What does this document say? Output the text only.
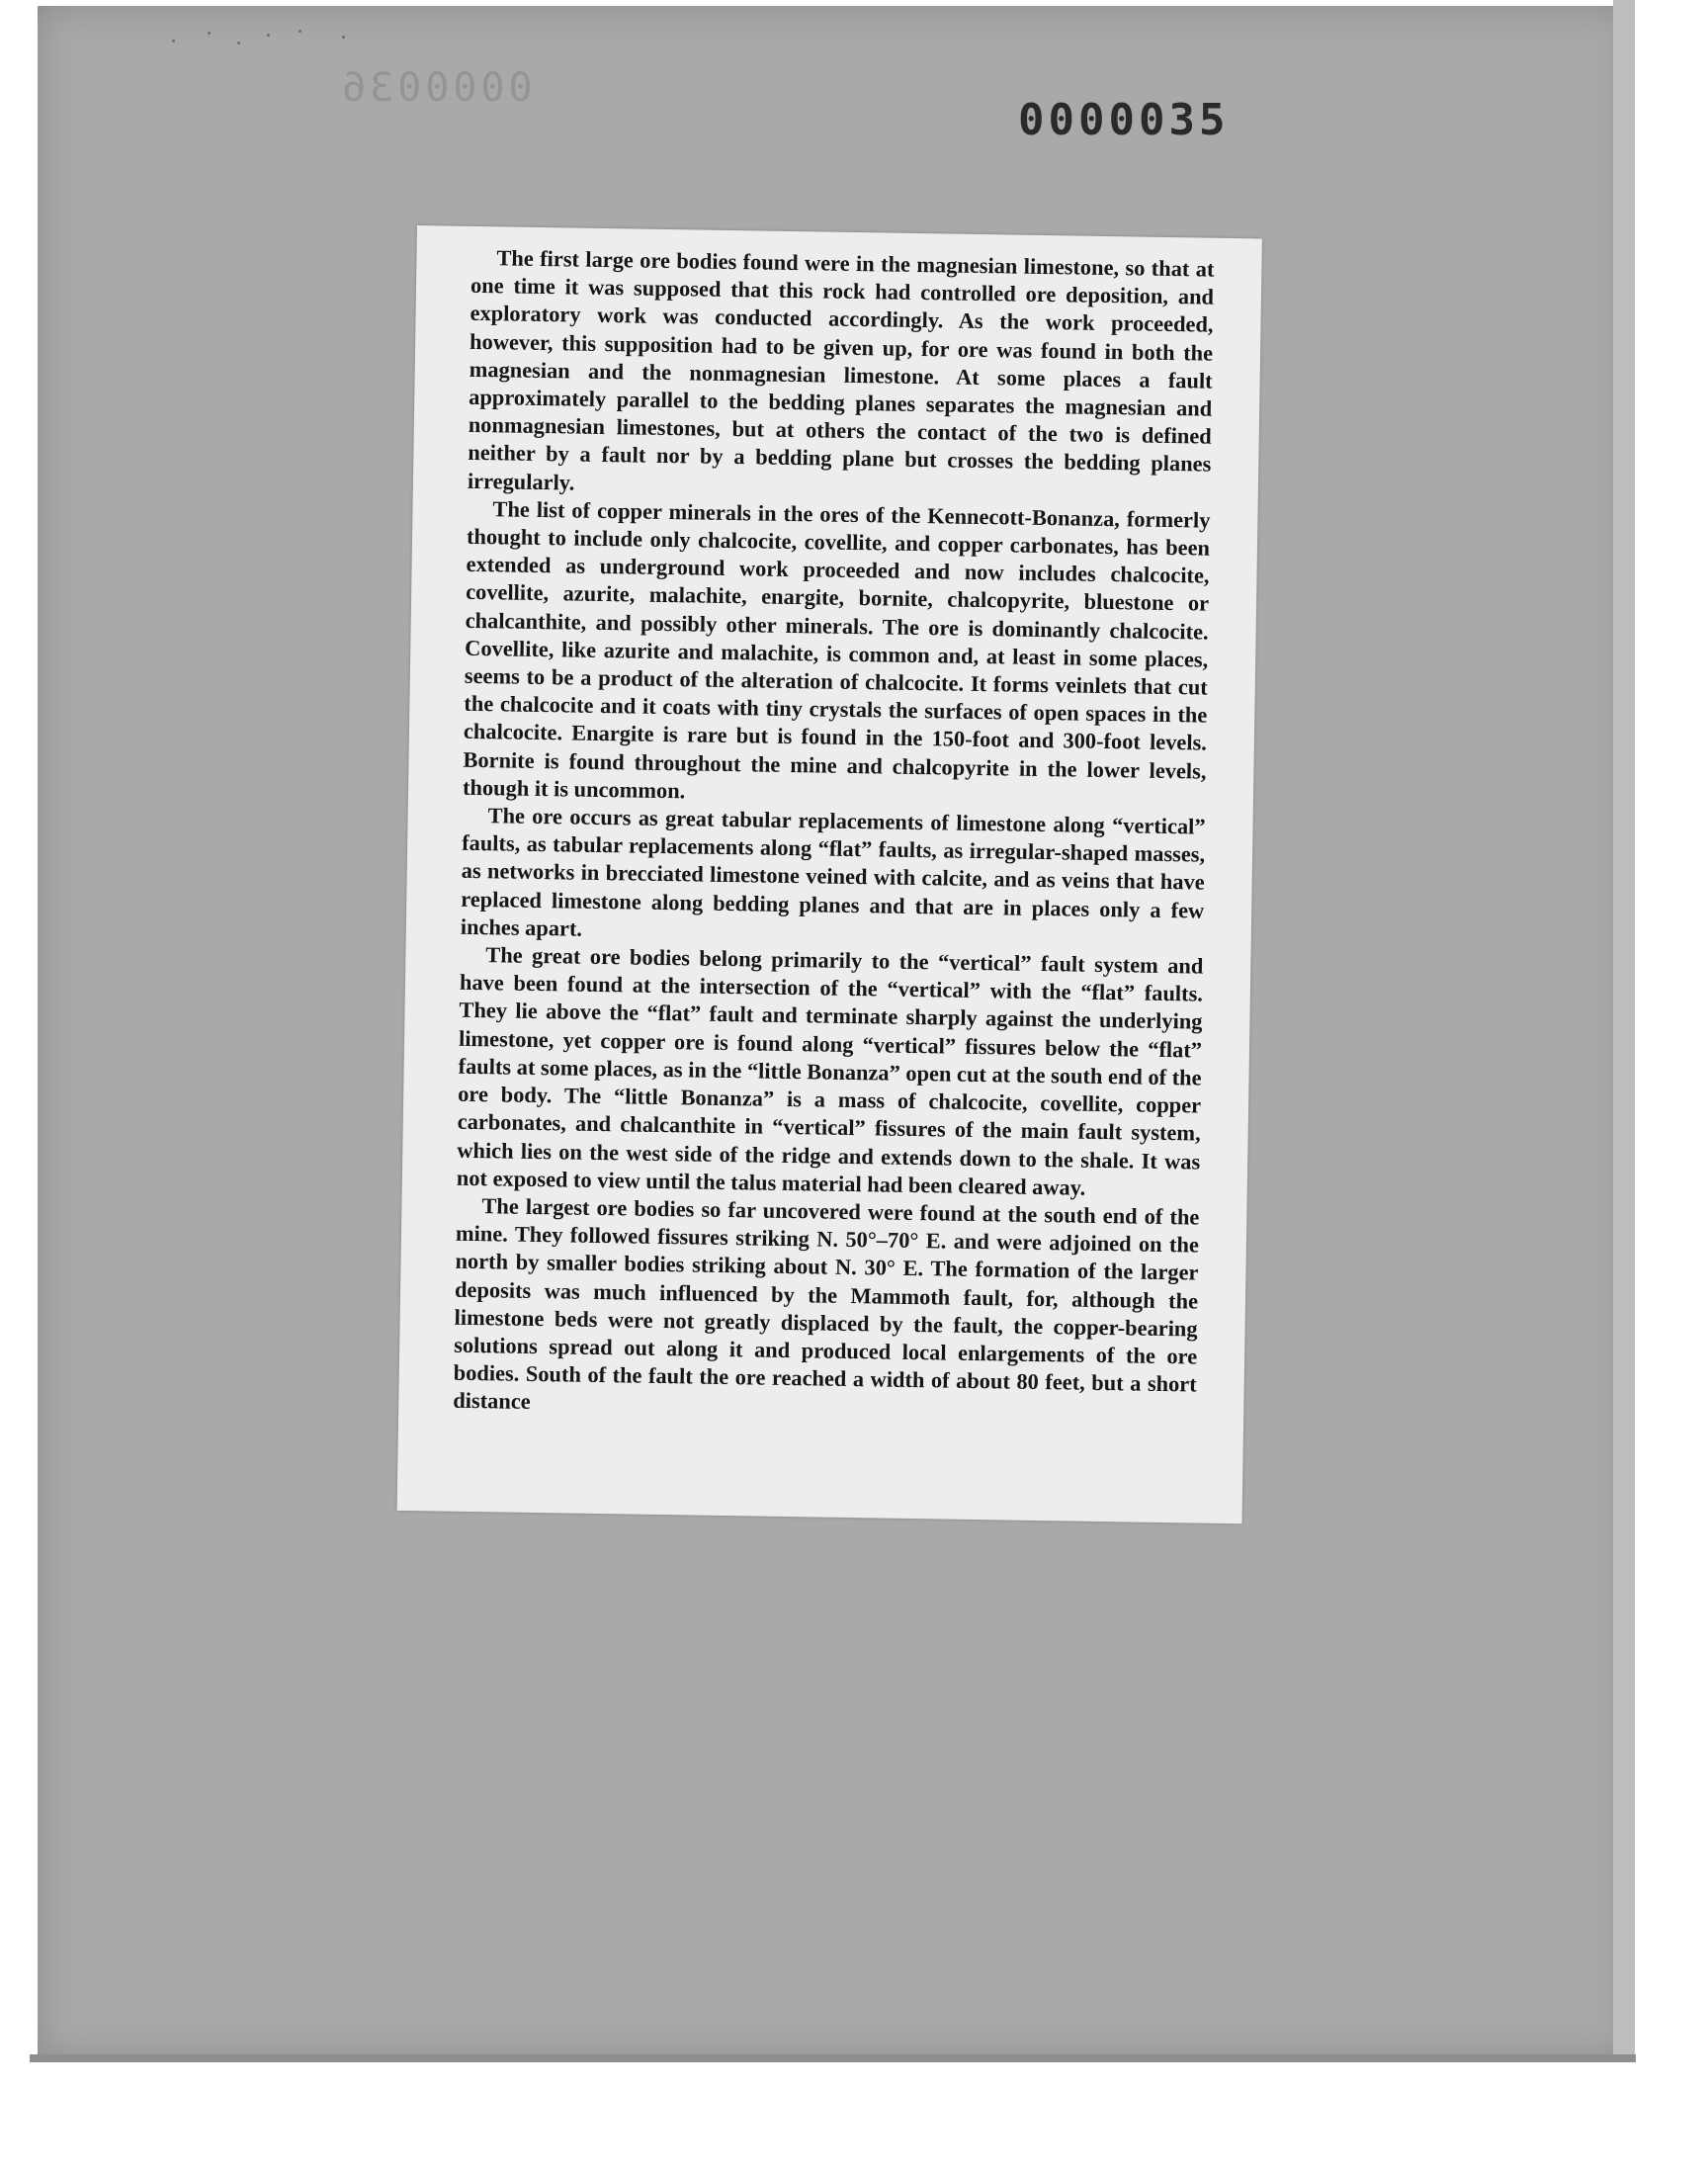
0000036
0000035

The first large ore bodies found were in the magnesian limestone, so that at one time it was supposed that this rock had controlled ore deposition, and exploratory work was conducted accordingly. As the work proceeded, however, this supposition had to be given up, for ore was found in both the magnesian and the nonmagnesian limestone. At some places a fault approximately parallel to the bedding planes separates the magnesian and nonmagnesian limestones, but at others the contact of the two is defined neither by a fault nor by a bedding plane but crosses the bedding planes irregularly.

The list of copper minerals in the ores of the Kennecott-Bonanza, formerly thought to include only chalcocite, covellite, and copper carbonates, has been extended as underground work proceeded and now includes chalcocite, covellite, azurite, malachite, enargite, bornite, chalcopyrite, bluestone or chalcanthite, and possibly other minerals. The ore is dominantly chalcocite. Covellite, like azurite and malachite, is common and, at least in some places, seems to be a product of the alteration of chalcocite. It forms veinlets that cut the chalcocite and it coats with tiny crystals the surfaces of open spaces in the chalcocite. Enargite is rare but is found in the 150-foot and 300-foot levels. Bornite is found throughout the mine and chalcopyrite in the lower levels, though it is uncommon.

The ore occurs as great tabular replacements of limestone along “vertical” faults, as tabular replacements along “flat” faults, as irregular-shaped masses, as networks in brecciated limestone veined with calcite, and as veins that have replaced limestone along bedding planes and that are in places only a few inches apart.

The great ore bodies belong primarily to the “vertical” fault system and have been found at the intersection of the “vertical” with the “flat” faults. They lie above the “flat” fault and terminate sharply against the underlying limestone, yet copper ore is found along “vertical” fissures below the “flat” faults at some places, as in the “little Bonanza” open cut at the south end of the ore body. The “little Bonanza” is a mass of chalcocite, covellite, copper carbonates, and chalcanthite in “vertical” fissures of the main fault system, which lies on the west side of the ridge and extends down to the shale. It was not exposed to view until the talus material had been cleared away.

The largest ore bodies so far uncovered were found at the south end of the mine. They followed fissures striking N. 50°–70° E. and were adjoined on the north by smaller bodies striking about N. 30° E. The formation of the larger deposits was much influenced by the Mammoth fault, for, although the limestone beds were not greatly displaced by the fault, the copper-bearing solutions spread out along it and produced local enlargements of the ore bodies. South of the fault the ore reached a width of about 80 feet, but a short distance
